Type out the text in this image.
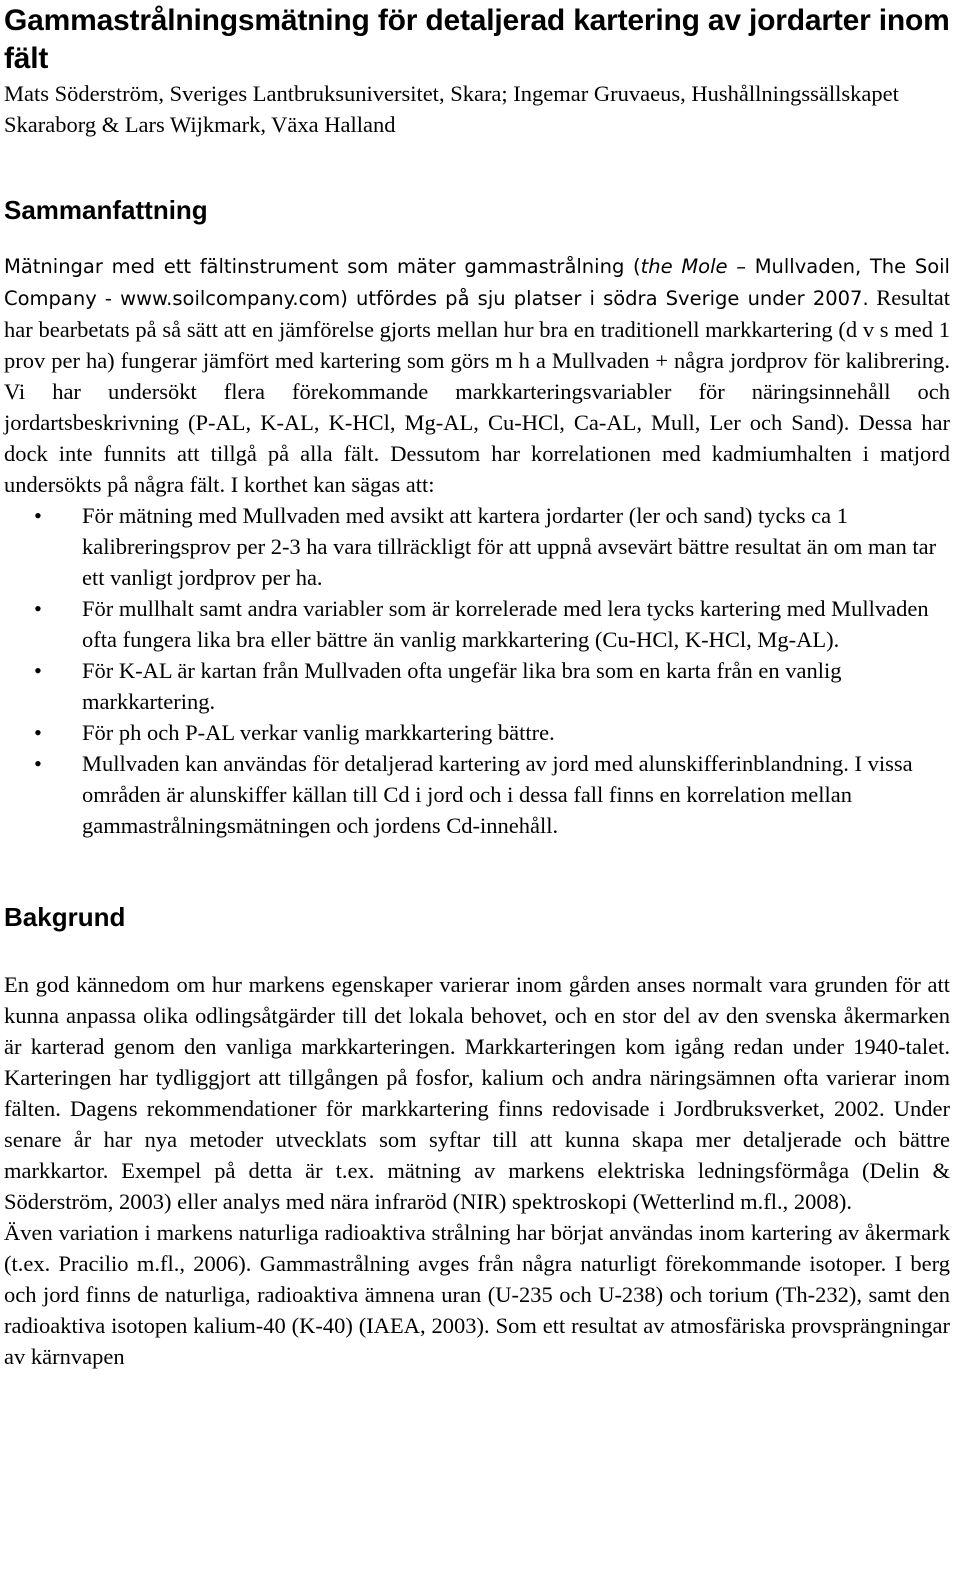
Gammastrålningsmätning för detaljerad kartering av jordarter inom fält

Mats Söderström, Sveriges Lantbruksuniversitet, Skara; Ingemar Gruvaeus, Hushållningssällskapet Skaraborg & Lars Wijkmark, Växa Halland

Sammanfattning

Mätningar med ett fältinstrument som mäter gammastrålning (the Mole – Mullvaden, The Soil Company - www.soilcompany.com) utfördes på sju platser i södra Sverige under 2007. Resultat har bearbetats på så sätt att en jämförelse gjorts mellan hur bra en traditionell markkartering (d v s med 1 prov per ha) fungerar jämfört med kartering som görs m h a Mullvaden + några jordprov för kalibrering. Vi har undersökt flera förekommande markkarteringsvariabler för näringsinnehåll och jordartsbeskrivning (P-AL, K-AL, K-HCl, Mg-AL, Cu-HCl, Ca-AL, Mull, Ler och Sand). Dessa har dock inte funnits att tillgå på alla fält. Dessutom har korrelationen med kadmiumhalten i matjord undersökts på några fält. I korthet kan sägas att:

• För mätning med Mullvaden med avsikt att kartera jordarter (ler och sand) tycks ca 1 kalibreringsprov per 2-3 ha vara tillräckligt för att uppnå avsevärt bättre resultat än om man tar ett vanligt jordprov per ha.
• För mullhalt samt andra variabler som är korrelerade med lera tycks kartering med Mullvaden ofta fungera lika bra eller bättre än vanlig markkartering (Cu-HCl, K-HCl, Mg-AL).
• För K-AL är kartan från Mullvaden ofta ungefär lika bra som en karta från en vanlig markkartering.
• För ph och P-AL verkar vanlig markkartering bättre.
• Mullvaden kan användas för detaljerad kartering av jord med alunskifferinblandning. I vissa områden är alunskiffer källan till Cd i jord och i dessa fall finns en korrelation mellan gammastrålningsmätningen och jordens Cd-innehåll.
Bakgrund

En god kännedom om hur markens egenskaper varierar inom gården anses normalt vara grunden för att kunna anpassa olika odlingsåtgärder till det lokala behovet, och en stor del av den svenska åkermarken är karterad genom den vanliga markkarteringen. Markkarteringen kom igång redan under 1940-talet. Karteringen har tydliggjort att tillgången på fosfor, kalium och andra näringsämnen ofta varierar inom fälten. Dagens rekommendationer för markkartering finns redovisade i Jordbruksverket, 2002. Under senare år har nya metoder utvecklats som syftar till att kunna skapa mer detaljerade och bättre markkartor. Exempel på detta är t.ex. mätning av markens elektriska ledningsförmåga (Delin & Söderström, 2003) eller analys med nära infraröd (NIR) spektroskopi (Wetterlind m.fl., 2008).

Även variation i markens naturliga radioaktiva strålning har börjat användas inom kartering av åkermark (t.ex. Pracilio m.fl., 2006). Gammastrålning avges från några naturligt förekommande isotoper. I berg och jord finns de naturliga, radioaktiva ämnena uran (U-235 och U-238) och torium (Th-232), samt den radioaktiva isotopen kalium-40 (K-40) (IAEA, 2003). Som ett resultat av atmosfäriska provsprängningar av kärnvapen
